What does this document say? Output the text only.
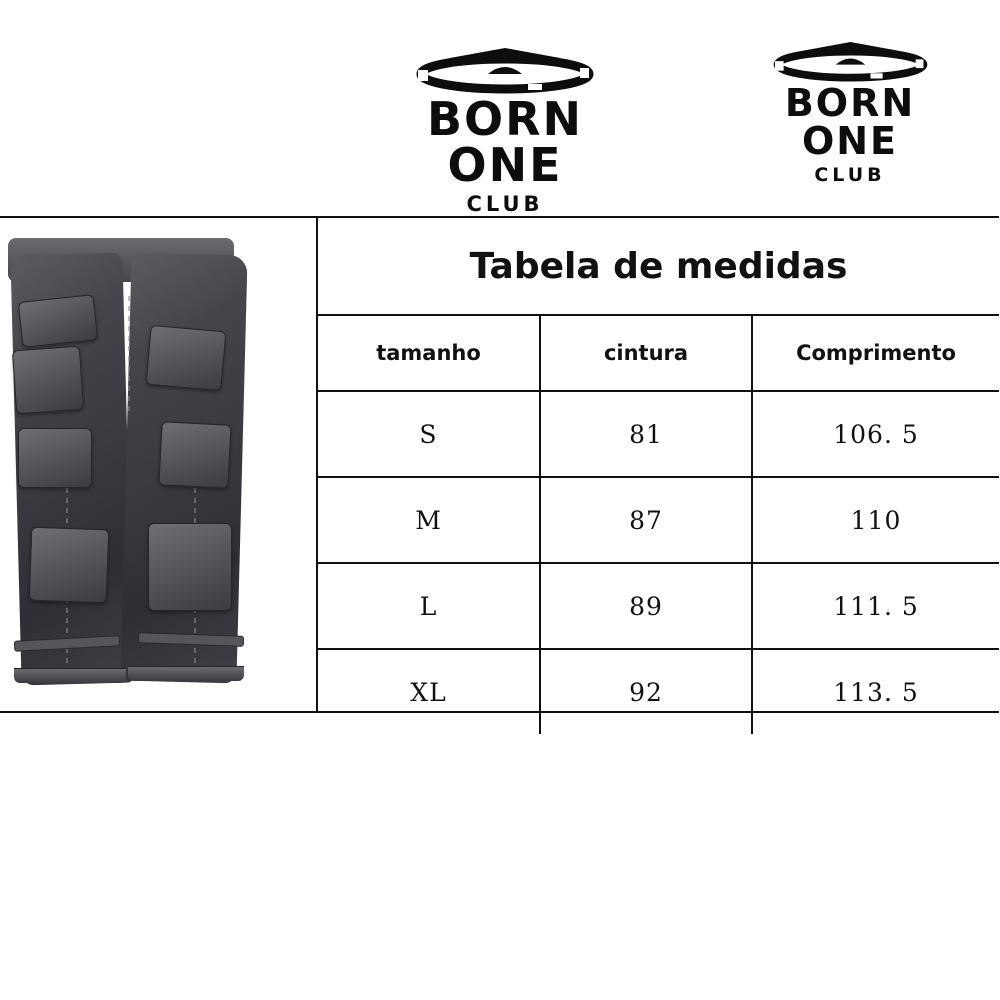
BORN ONE
CLUB
BORN ONE
CLUB
Tabela de medidas		
tamanho	cintura	Comprimento
S	81	106. 5
M	87	110
L	89	111. 5
XL	92	113. 5
